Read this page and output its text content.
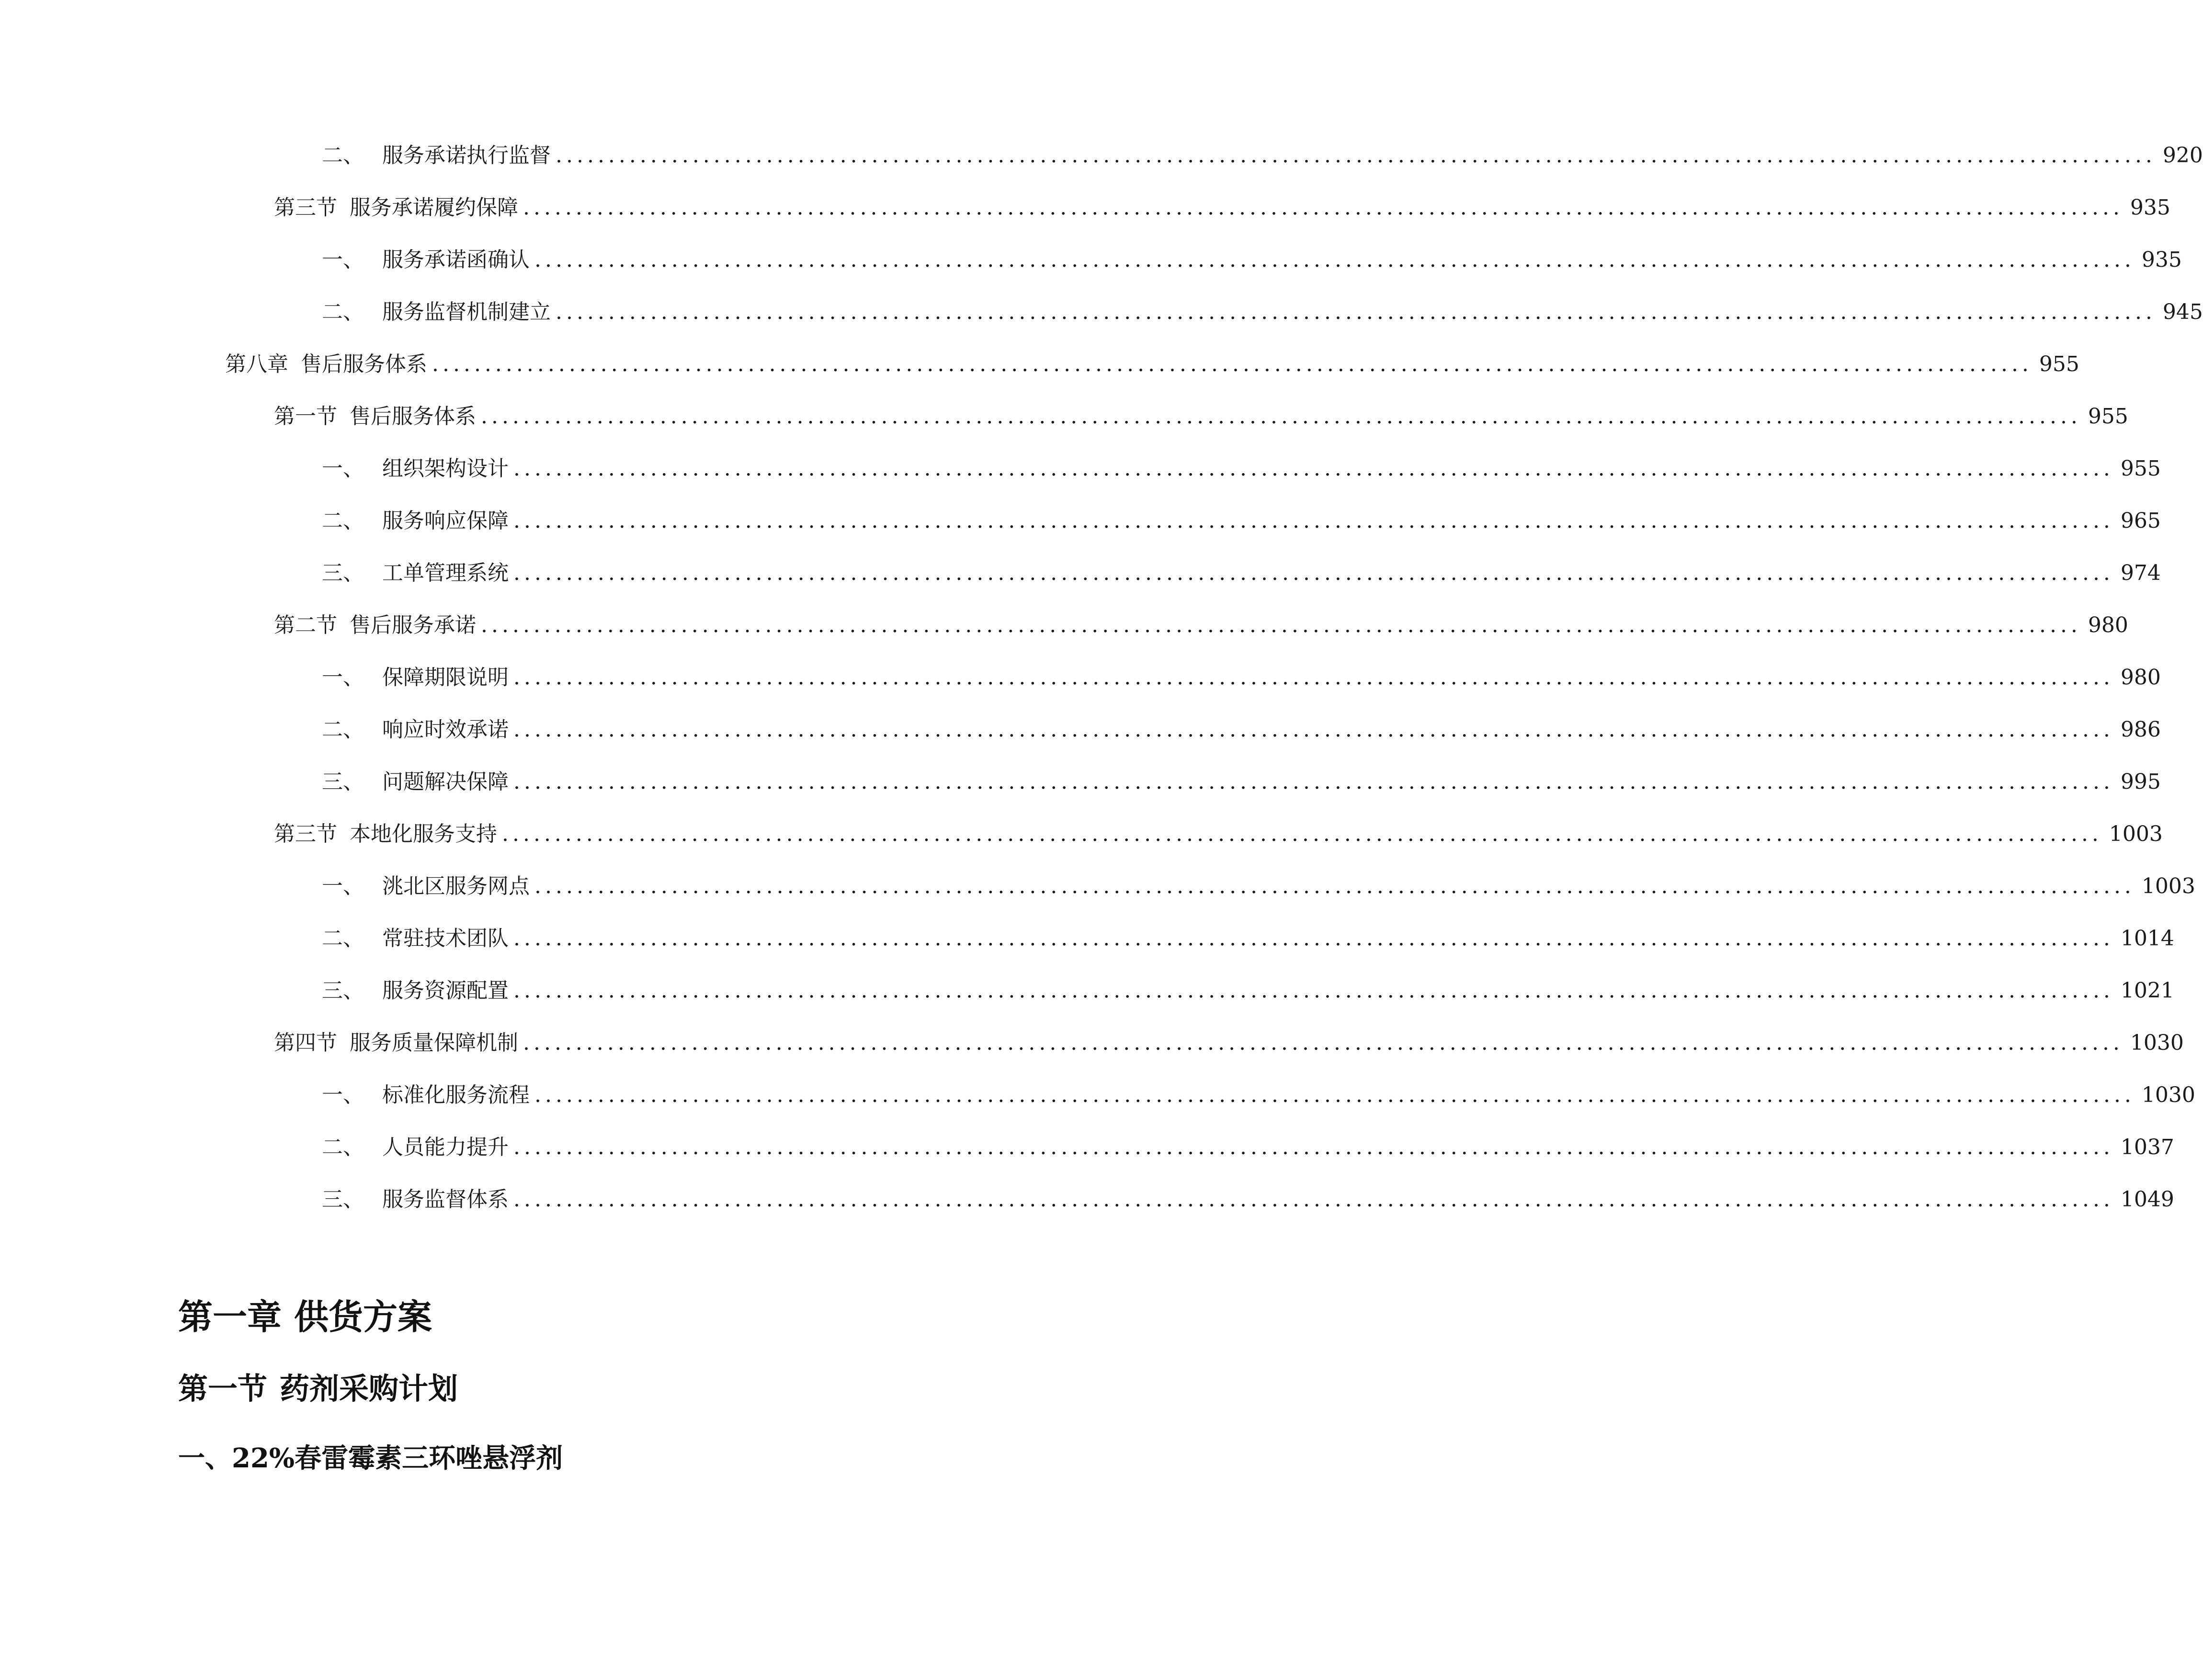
二、 服务承诺执行监督 ........................................................................................................................................................ 920
第三节 服务承诺履约保障 ........................................................................................................................................................ 935
一、 服务承诺函确认 ........................................................................................................................................................ 935
二、 服务监督机制建立 ........................................................................................................................................................ 945
第八章 售后服务体系 ........................................................................................................................................................ 955
第一节 售后服务体系 ........................................................................................................................................................ 955
一、 组织架构设计 ........................................................................................................................................................ 955
二、 服务响应保障 ........................................................................................................................................................ 965
三、 工单管理系统 ........................................................................................................................................................ 974
第二节 售后服务承诺 ........................................................................................................................................................ 980
一、 保障期限说明 ........................................................................................................................................................ 980
二、 响应时效承诺 ........................................................................................................................................................ 986
三、 问题解决保障 ........................................................................................................................................................ 995
第三节 本地化服务支持 ........................................................................................................................................................ 1003
一、 洮北区服务网点 ........................................................................................................................................................ 1003
二、 常驻技术团队 ........................................................................................................................................................ 1014
三、 服务资源配置 ........................................................................................................................................................ 1021
第四节 服务质量保障机制 ........................................................................................................................................................ 1030
一、 标准化服务流程 ........................................................................................................................................................ 1030
二、 人员能力提升 ........................................................................................................................................................ 1037
三、 服务监督体系 ........................................................................................................................................................ 1049
第一章 供货方案
第一节 药剂采购计划
一、22%春雷霉素三环唑悬浮剂
